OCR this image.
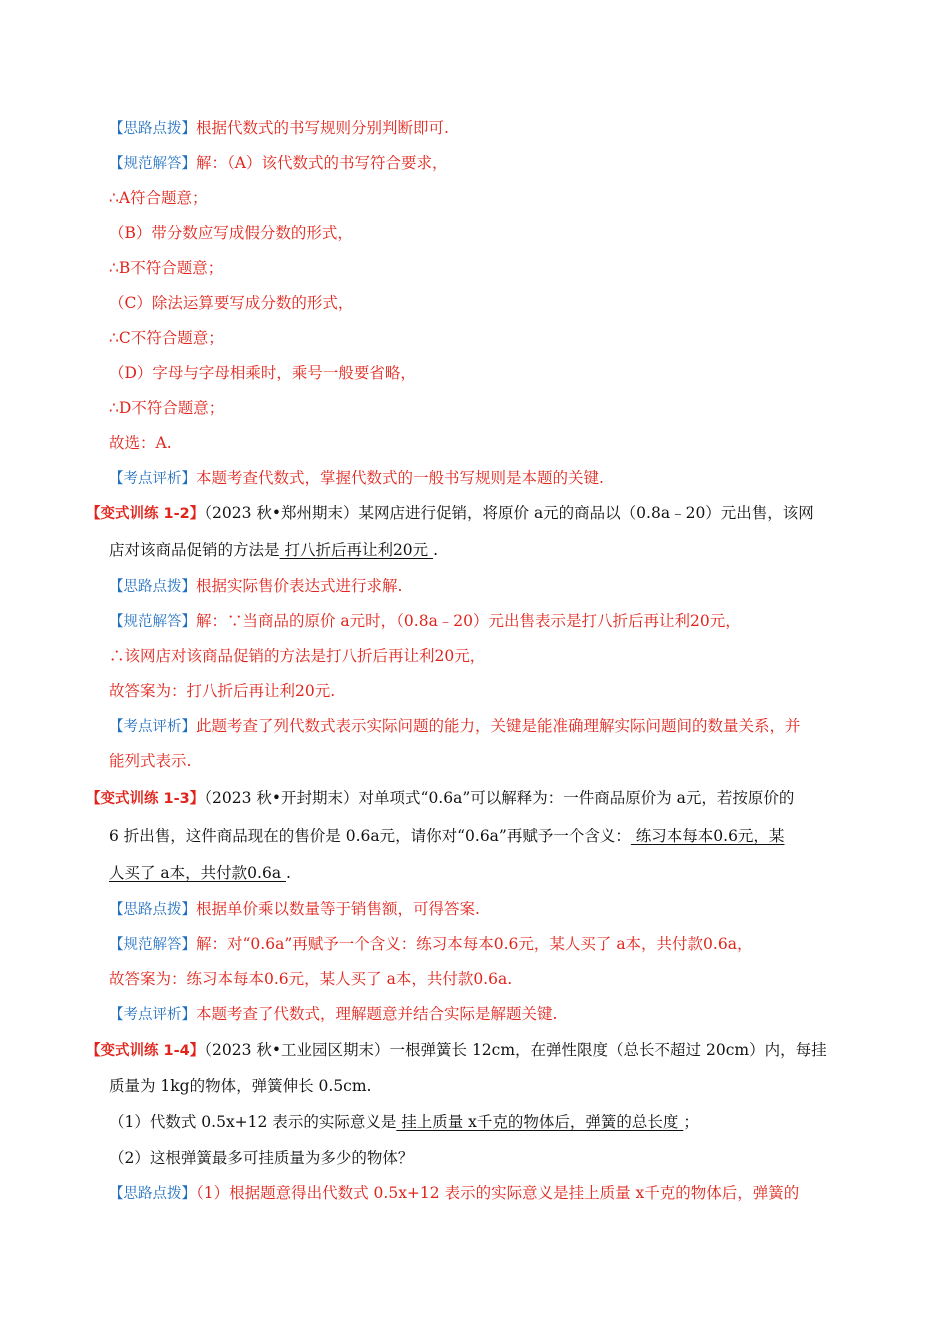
【思路点拨】根据代数式的书写规则分别判断即可.
【规范解答】解：（A）该代数式的书写符合要求，
∴A符合题意；
（B）带分数应写成假分数的形式，
∴B不符合题意；
（C）除法运算要写成分数的形式，
∴C不符合题意；
（D）字母与字母相乘时，乘号一般要省略，
∴D不符合题意；
故选：A.
【考点评析】本题考查代数式，掌握代数式的一般书写规则是本题的关键.
【变式训练 1-2】（2023 秋•郑州期末）某网店进行促销，将原价 a元的商品以（0.8a﹣20）元出售，该网
店对该商品促销的方法是 打八折后再让利20元 .
【思路点拨】根据实际售价表达式进行求解.
【规范解答】解：∵当商品的原价 a元时，（0.8a﹣20）元出售表示是打八折后再让利20元，
∴该网店对该商品促销的方法是打八折后再让利20元，
故答案为：打八折后再让利20元.
【考点评析】此题考查了列代数式表示实际问题的能力，关键是能准确理解实际问题间的数量关系，并
能列式表示.
【变式训练 1-3】（2023 秋•开封期末）对单项式“0.6a”可以解释为：一件商品原价为 a元，若按原价的
6 折出售，这件商品现在的售价是 0.6a元，请你对“0.6a”再赋予一个含义： 练习本每本0.6元，某
人买了 a本，共付款0.6a .
【思路点拨】根据单价乘以数量等于销售额，可得答案.
【规范解答】解：对“0.6a”再赋予一个含义：练习本每本0.6元，某人买了 a本，共付款0.6a，
故答案为：练习本每本0.6元，某人买了 a本，共付款0.6a.
【考点评析】本题考查了代数式，理解题意并结合实际是解题关键.
【变式训练 1-4】（2023 秋•工业园区期末）一根弹簧长 12cm，在弹性限度（总长不超过 20cm）内，每挂
质量为 1kg的物体，弹簧伸长 0.5cm.
（1）代数式 0.5x+12 表示的实际意义是 挂上质量 x千克的物体后，弹簧的总长度 ；
（2）这根弹簧最多可挂质量为多少的物体？
【思路点拨】（1）根据题意得出代数式 0.5x+12 表示的实际意义是挂上质量 x千克的物体后，弹簧的
